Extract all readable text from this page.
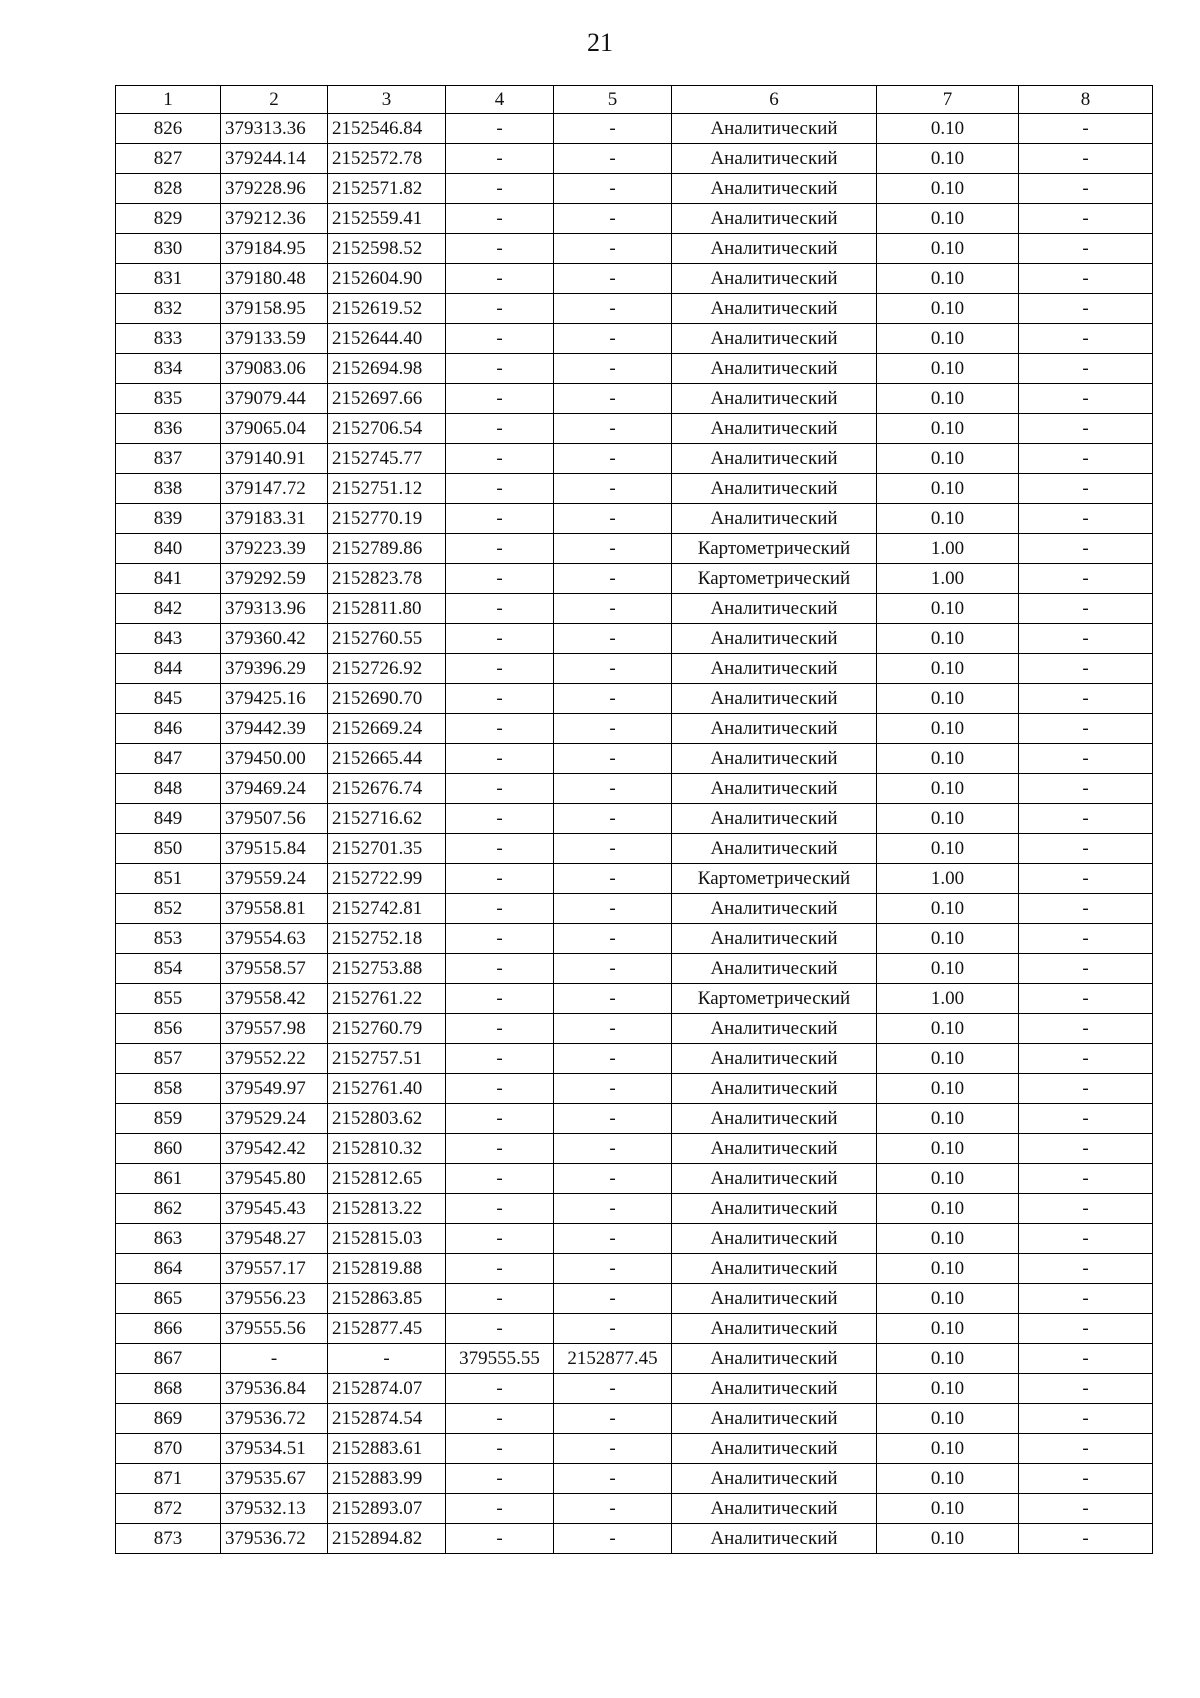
21
1	2	3	4	5	6	7	8
826	379313.36	2152546.84	-	-	Аналитический	0.10	-
827	379244.14	2152572.78	-	-	Аналитический	0.10	-
828	379228.96	2152571.82	-	-	Аналитический	0.10	-
829	379212.36	2152559.41	-	-	Аналитический	0.10	-
830	379184.95	2152598.52	-	-	Аналитический	0.10	-
831	379180.48	2152604.90	-	-	Аналитический	0.10	-
832	379158.95	2152619.52	-	-	Аналитический	0.10	-
833	379133.59	2152644.40	-	-	Аналитический	0.10	-
834	379083.06	2152694.98	-	-	Аналитический	0.10	-
835	379079.44	2152697.66	-	-	Аналитический	0.10	-
836	379065.04	2152706.54	-	-	Аналитический	0.10	-
837	379140.91	2152745.77	-	-	Аналитический	0.10	-
838	379147.72	2152751.12	-	-	Аналитический	0.10	-
839	379183.31	2152770.19	-	-	Аналитический	0.10	-
840	379223.39	2152789.86	-	-	Картометрический	1.00	-
841	379292.59	2152823.78	-	-	Картометрический	1.00	-
842	379313.96	2152811.80	-	-	Аналитический	0.10	-
843	379360.42	2152760.55	-	-	Аналитический	0.10	-
844	379396.29	2152726.92	-	-	Аналитический	0.10	-
845	379425.16	2152690.70	-	-	Аналитический	0.10	-
846	379442.39	2152669.24	-	-	Аналитический	0.10	-
847	379450.00	2152665.44	-	-	Аналитический	0.10	-
848	379469.24	2152676.74	-	-	Аналитический	0.10	-
849	379507.56	2152716.62	-	-	Аналитический	0.10	-
850	379515.84	2152701.35	-	-	Аналитический	0.10	-
851	379559.24	2152722.99	-	-	Картометрический	1.00	-
852	379558.81	2152742.81	-	-	Аналитический	0.10	-
853	379554.63	2152752.18	-	-	Аналитический	0.10	-
854	379558.57	2152753.88	-	-	Аналитический	0.10	-
855	379558.42	2152761.22	-	-	Картометрический	1.00	-
856	379557.98	2152760.79	-	-	Аналитический	0.10	-
857	379552.22	2152757.51	-	-	Аналитический	0.10	-
858	379549.97	2152761.40	-	-	Аналитический	0.10	-
859	379529.24	2152803.62	-	-	Аналитический	0.10	-
860	379542.42	2152810.32	-	-	Аналитический	0.10	-
861	379545.80	2152812.65	-	-	Аналитический	0.10	-
862	379545.43	2152813.22	-	-	Аналитический	0.10	-
863	379548.27	2152815.03	-	-	Аналитический	0.10	-
864	379557.17	2152819.88	-	-	Аналитический	0.10	-
865	379556.23	2152863.85	-	-	Аналитический	0.10	-
866	379555.56	2152877.45	-	-	Аналитический	0.10	-
867	-	-	379555.55	2152877.45	Аналитический	0.10	-
868	379536.84	2152874.07	-	-	Аналитический	0.10	-
869	379536.72	2152874.54	-	-	Аналитический	0.10	-
870	379534.51	2152883.61	-	-	Аналитический	0.10	-
871	379535.67	2152883.99	-	-	Аналитический	0.10	-
872	379532.13	2152893.07	-	-	Аналитический	0.10	-
873	379536.72	2152894.82	-	-	Аналитический	0.10	-
